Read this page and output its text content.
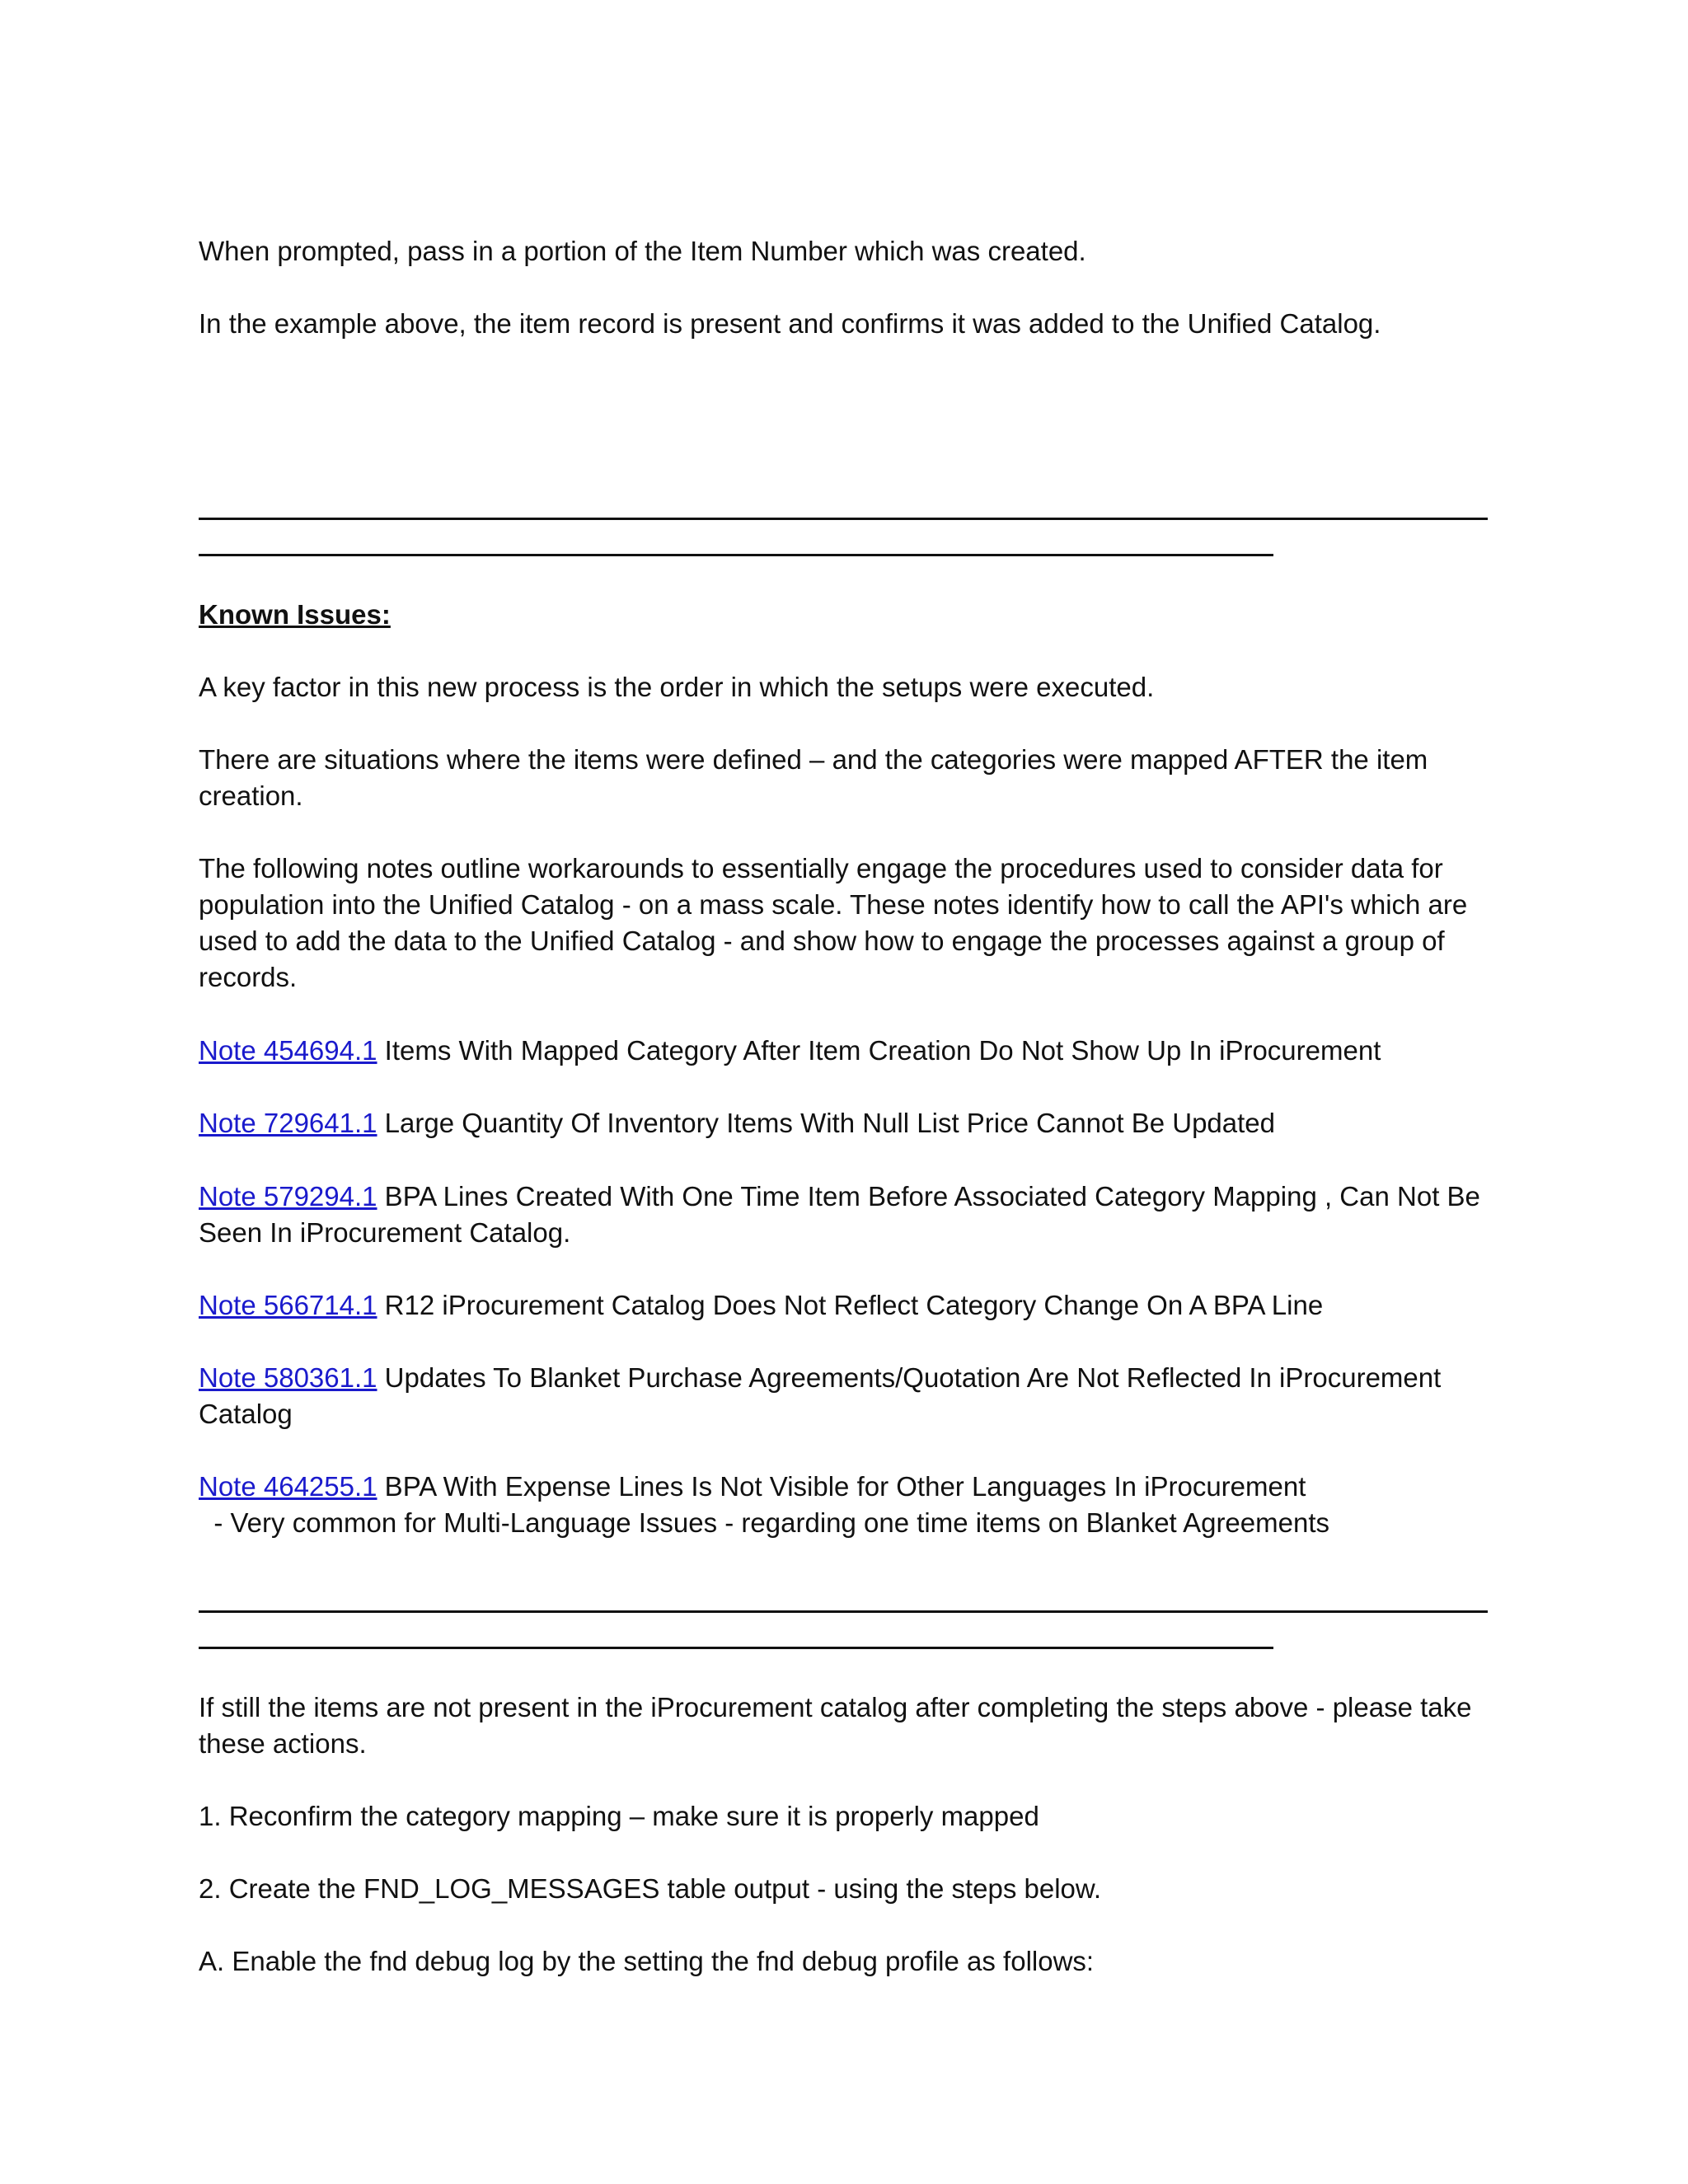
When prompted, pass in a portion of the Item Number which was created.

In the example above, the item record is present and confirms it was added to the Unified Catalog.

Known Issues:

A key factor in this new process is the order in which the setups were executed.

There are situations where the items were defined – and the categories were mapped AFTER the item creation.

The following notes outline workarounds to essentially engage the procedures used to consider data for population into the Unified Catalog - on a mass scale. These notes identify how to call the API's which are used to add the data to the Unified Catalog - and show how to engage the processes against a group of records.

Note 454694.1 Items With Mapped Category After Item Creation Do Not Show Up In iProcurement

Note 729641.1 Large Quantity Of Inventory Items With Null List Price Cannot Be Updated

Note 579294.1 BPA Lines Created With One Time Item Before Associated Category Mapping , Can Not Be Seen In iProcurement Catalog.

Note 566714.1 R12 iProcurement Catalog Does Not Reflect Category Change On A BPA Line

Note 580361.1 Updates To Blanket Purchase Agreements/Quotation Are Not Reflected In iProcurement Catalog

Note 464255.1 BPA With Expense Lines Is Not Visible for Other Languages In iProcurement
- Very common for Multi-Language Issues - regarding one time items on Blanket Agreements

If still the items are not present in the iProcurement catalog after completing the steps above - please take these actions.

1. Reconfirm the category mapping – make sure it is properly mapped

2. Create the FND_LOG_MESSAGES table output - using the steps below.

A. Enable the fnd debug log by the setting the fnd debug profile as follows:
